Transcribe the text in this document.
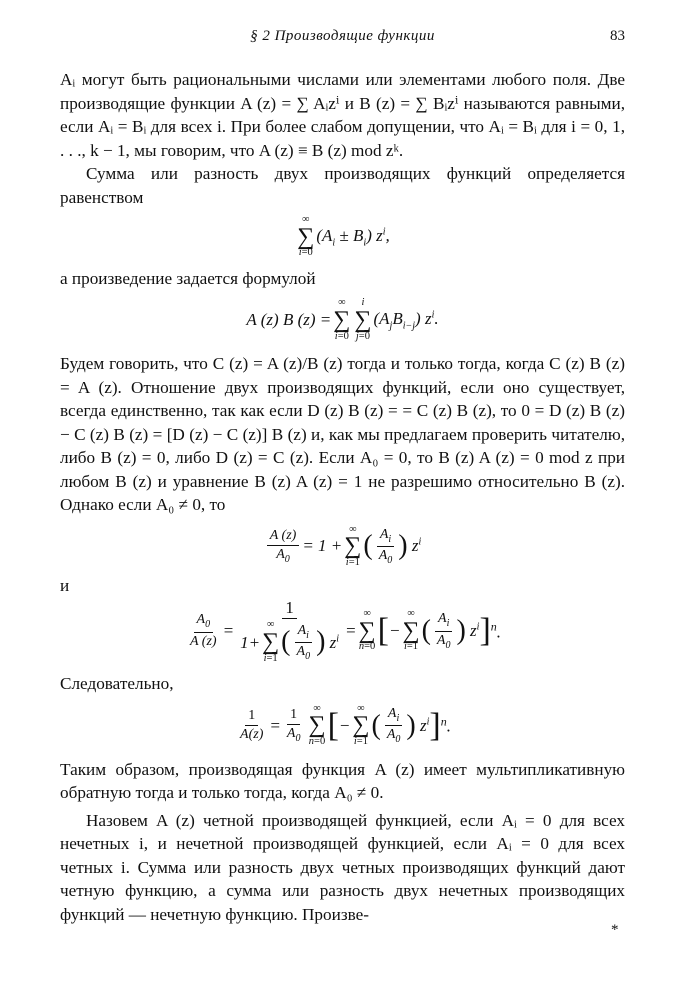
§ 2 Производящие функции	83

Aᵢ могут быть рациональными числами или элементами любого поля. Две производящие функции A (z) = ∑ Aᵢzⁱ и B (z) = ∑ Bᵢzⁱ называются равными, если Aᵢ = Bᵢ для всех i. При более слабом допущении, что Aᵢ = Bᵢ для i = 0, 1, . . ., k − 1, мы говорим, что A (z) ≡ B (z) mod zᵏ.

Сумма или разность двух производящих функций определяется равенством

∞
∑
i=0
$(A_i \pm B_i)$ $z^i$,

а произведение задается формулой

A (z) B (z) =
∞
∑
i=0
i
∑
j=0
$(A_jB_{i-j})$ $z^i$.

Будем говорить, что C (z) = A (z)/B (z) тогда и только тогда, когда C (z) B (z) = A (z). Отношение двух производящих функций, если оно существует, всегда единственно, так как если D (z) B (z) = = C (z) B (z), то 0 = D (z) B (z) − C (z) B (z) = [D (z) − C (z)] B (z) и, как мы предлагаем проверить читателю, либо B (z) = 0, либо D (z) = C (z). Если A₀ = 0, то B (z) A (z) = 0 mod z при любом B (z) и уравнение B (z) A (z) = 1 не разрешимо относительно B (z). Однако если A₀ ≠ 0, то

$\frac{A (z)}{A_0} = 1$ +
∞
∑
i=1
( $\frac{A_i}{A_0}$ ) $z^i$

и

$\frac{A_0}{A (z)} = 1$
1+
∞
∑
i=1
( $\frac{A_i}{A_0}$ ) $z^i$ =
∞
∑
n=0 [ −
∞
∑
i=1
( $\frac{A_i}{A_0}$ ) $z^i$ ] $^n$.

Следовательно,

$\frac{1}{A(z)} = \frac{1}{A_0}$ ∞
∑
n=0 [ −
∞
∑
i=1
( $\frac{A_i}{A_0}$ ) $z^i$ ] $^n$.

Таким образом, производящая функция A (z) имеет мультипликативную обратную тогда и только тогда, когда A₀ ≠ 0.

Назовем A (z) четной производящей функцией, если Aᵢ = 0 для всех нечетных i, и нечетной производящей функцией, если Aᵢ = 0 для всех четных i. Сумма или разность двух четных производящих функций дают четную функцию, а сумма или разность двух нечетных производящих функций — нечетную функцию. Произве-

*
